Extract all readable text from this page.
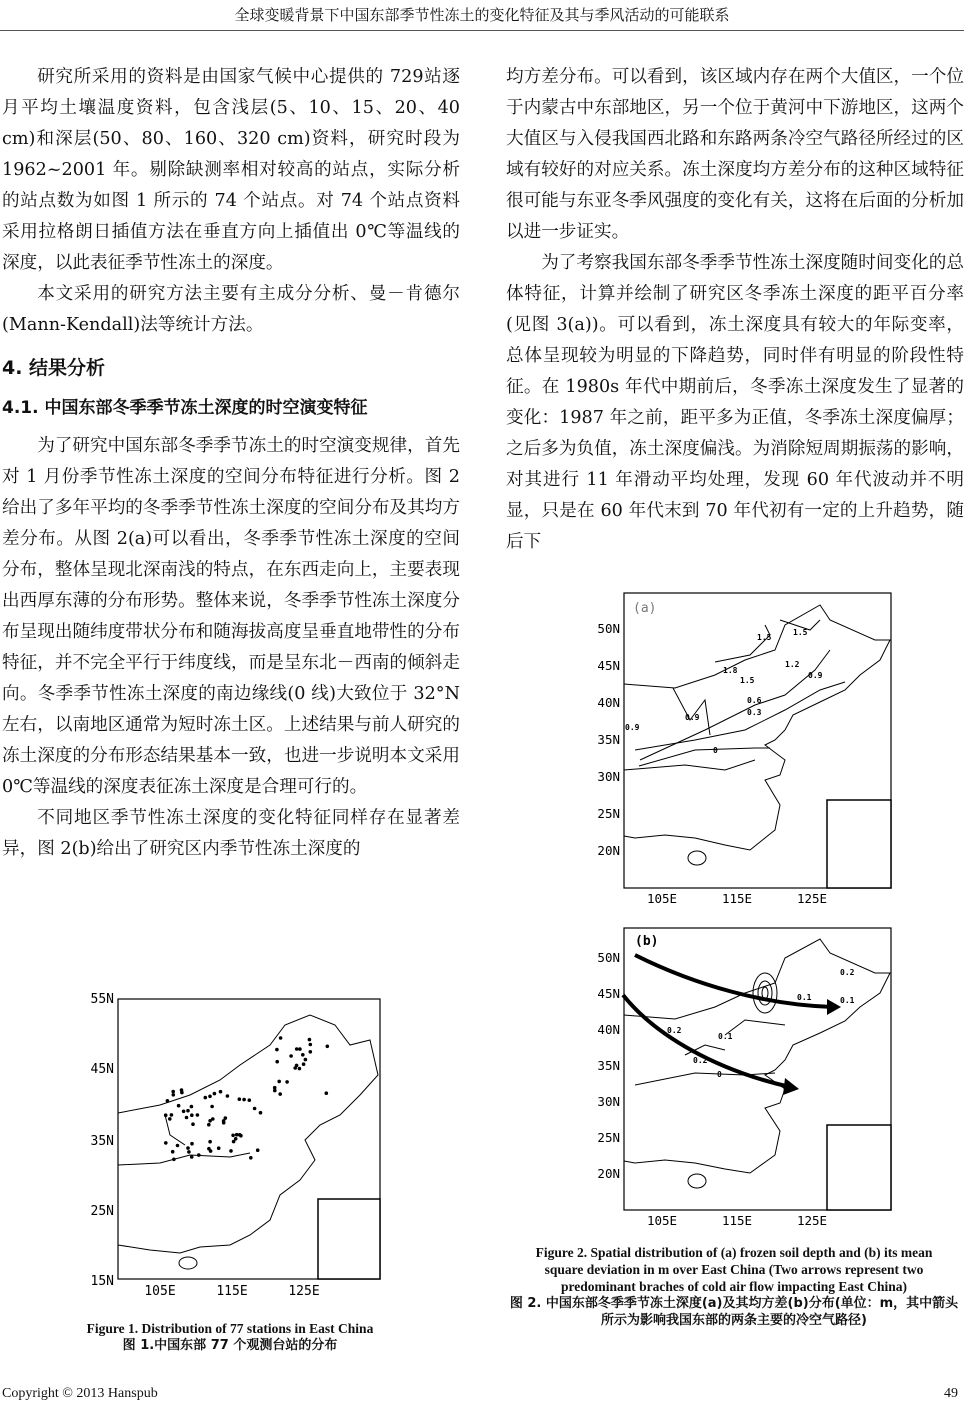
全球变暖背景下中国东部季节性冻土的变化特征及其与季风活动的可能联系

研究所采用的资料是由国家气候中心提供的 729站逐月平均土壤温度资料，包含浅层(5、10、15、20、40 cm)和深层(50、80、160、320 cm)资料，研究时段为 1962~2001 年。剔除缺测率相对较高的站点，实际分析的站点数为如图 1 所示的 74 个站点。对 74 个站点资料采用拉格朗日插值方法在垂直方向上插值出 0℃等温线的深度，以此表征季节性冻土的深度。

本文采用的研究方法主要有主成分分析、曼－肯德尔(Mann-Kendall)法等统计方法。

4. 结果分析
4.1. 中国东部冬季季节冻土深度的时空演变特征

为了研究中国东部冬季季节冻土的时空演变规律，首先对 1 月份季节性冻土深度的空间分布特征进行分析。图 2 给出了多年平均的冬季季节性冻土深度的空间分布及其均方差分布。从图 2(a)可以看出，冬季季节性冻土深度的空间分布，整体呈现北深南浅的特点，在东西走向上，主要表现出西厚东薄的分布形势。整体来说，冬季季节性冻土深度分布呈现出随纬度带状分布和随海拔高度呈垂直地带性的分布特征，并不完全平行于纬度线，而是呈东北－西南的倾斜走向。冬季季节性冻土深度的南边缘线(0 线)大致位于 32°N 左右，以南地区通常为短时冻土区。上述结果与前人研究的冻土深度的分布形态结果基本一致，也进一步说明本文采用 0℃等温线的深度表征冻土深度是合理可行的。

不同地区季节性冻土深度的变化特征同样存在显著差异，图 2(b)给出了研究区内季节性冻土深度的

均方差分布。可以看到，该区域内存在两个大值区，一个位于内蒙古中东部地区，另一个位于黄河中下游地区，这两个大值区与入侵我国西北路和东路两条冷空气路径所经过的区域有较好的对应关系。冻土深度均方差分布的这种区域特征很可能与东亚冬季风强度的变化有关，这将在后面的分析加以进一步证实。

为了考察我国东部冬季季节性冻土深度随时间变化的总体特征，计算并绘制了研究区冬季冻土深度的距平百分率(见图 3(a))。可以看到，冻土深度具有较大的年际变率，总体呈现较为明显的下降趋势，同时伴有明显的阶段性特征。在 1980s 年代中期前后，冬季冻土深度发生了显著的变化：1987 年之前，距平多为正值，冬季冻土深度偏厚；之后多为负值，冻土深度偏浅。为消除短周期振荡的影响，对其进行 11 年滑动平均处理，发现 60 年代波动并不明显，只是在 60 年代末到 70 年代初有一定的上升趋势，随后下

55N
45N
35N
25N
15N
105E	115E	125E
Figure 1. Distribution of 77 stations in East China
图 1.中国东部 77 个观测台站的分布
(a)
1.5
1.5
1.8
1.5
1.2
0.9
0.6
0.3
0.9
0.9
0
50N
45N
40N
35N
30N
25N
20N
105E	115E	125E
(b)
0.2
0.1	0.1
0.2
0.1
0.2
0
50N
45N
40N
35N
30N
25N
20N
105E	115E	125E
Figure 2. Spatial distribution of (a) frozen soil depth and (b) its mean square deviation in m over East China (Two arrows represent two predominant braches of cold air flow impacting East China)
图 2. 中国东部冬季季节冻土深度(a)及其均方差(b)分布(单位：m，其中箭头所示为影响我国东部的两条主要的冷空气路径)
Copyright © 2013 Hanspub	49
